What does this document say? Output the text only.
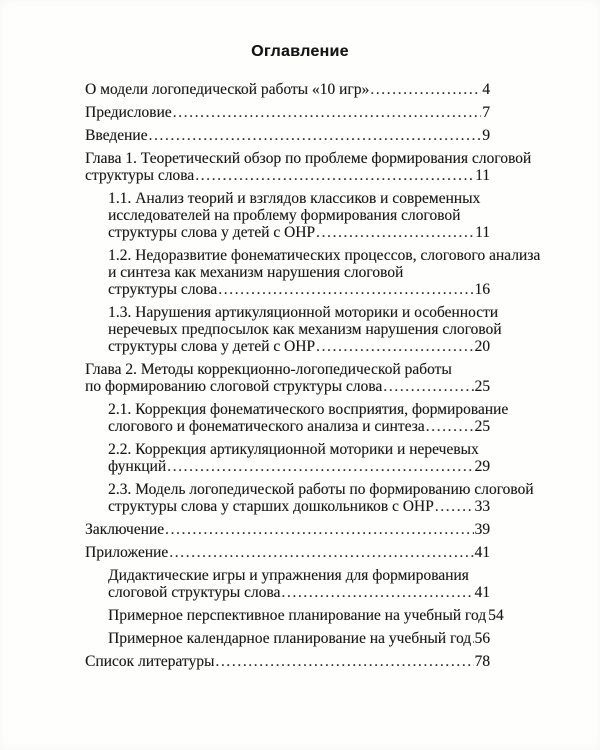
Оглавление
О модели логопедической работы «10 игр» .....	4
Предисловие .....	7
Введение .....	9
Глава 1. Теоретический обзор по проблеме формирования слоговой
структуры слова .....	11
1.1. Анализ теорий и взглядов классиков и современных
исследователей на проблему формирования слоговой
структуры слова у детей с ОНР .....	11
1.2. Недоразвитие фонематических процессов, слогового анализа
и синтеза как механизм нарушения слоговой
структуры слова .....	16
1.3. Нарушения артикуляционной моторики и особенности
неречевых предпосылок как механизм нарушения слоговой
структуры слова у детей с ОНР .....	20
Глава 2. Методы коррекционно-логопедической работы
по формированию слоговой структуры слова .....	25
2.1. Коррекция фонематического восприятия, формирование
слогового и фонематического анализа и синтеза .....	25
2.2. Коррекция артикуляционной моторики и неречевых
функций .....	29
2.3. Модель логопедической работы по формированию слоговой
структуры слова у старших дошкольников с ОНР .....	33
Заключение .....	39
Приложение .....	41
Дидактические игры и упражнения для формирования
слоговой структуры слова .....	41
Примерное перспективное планирование на учебный год 54
Примерное календарное планирование на учебный год ..... 56
Список литературы .....	78
